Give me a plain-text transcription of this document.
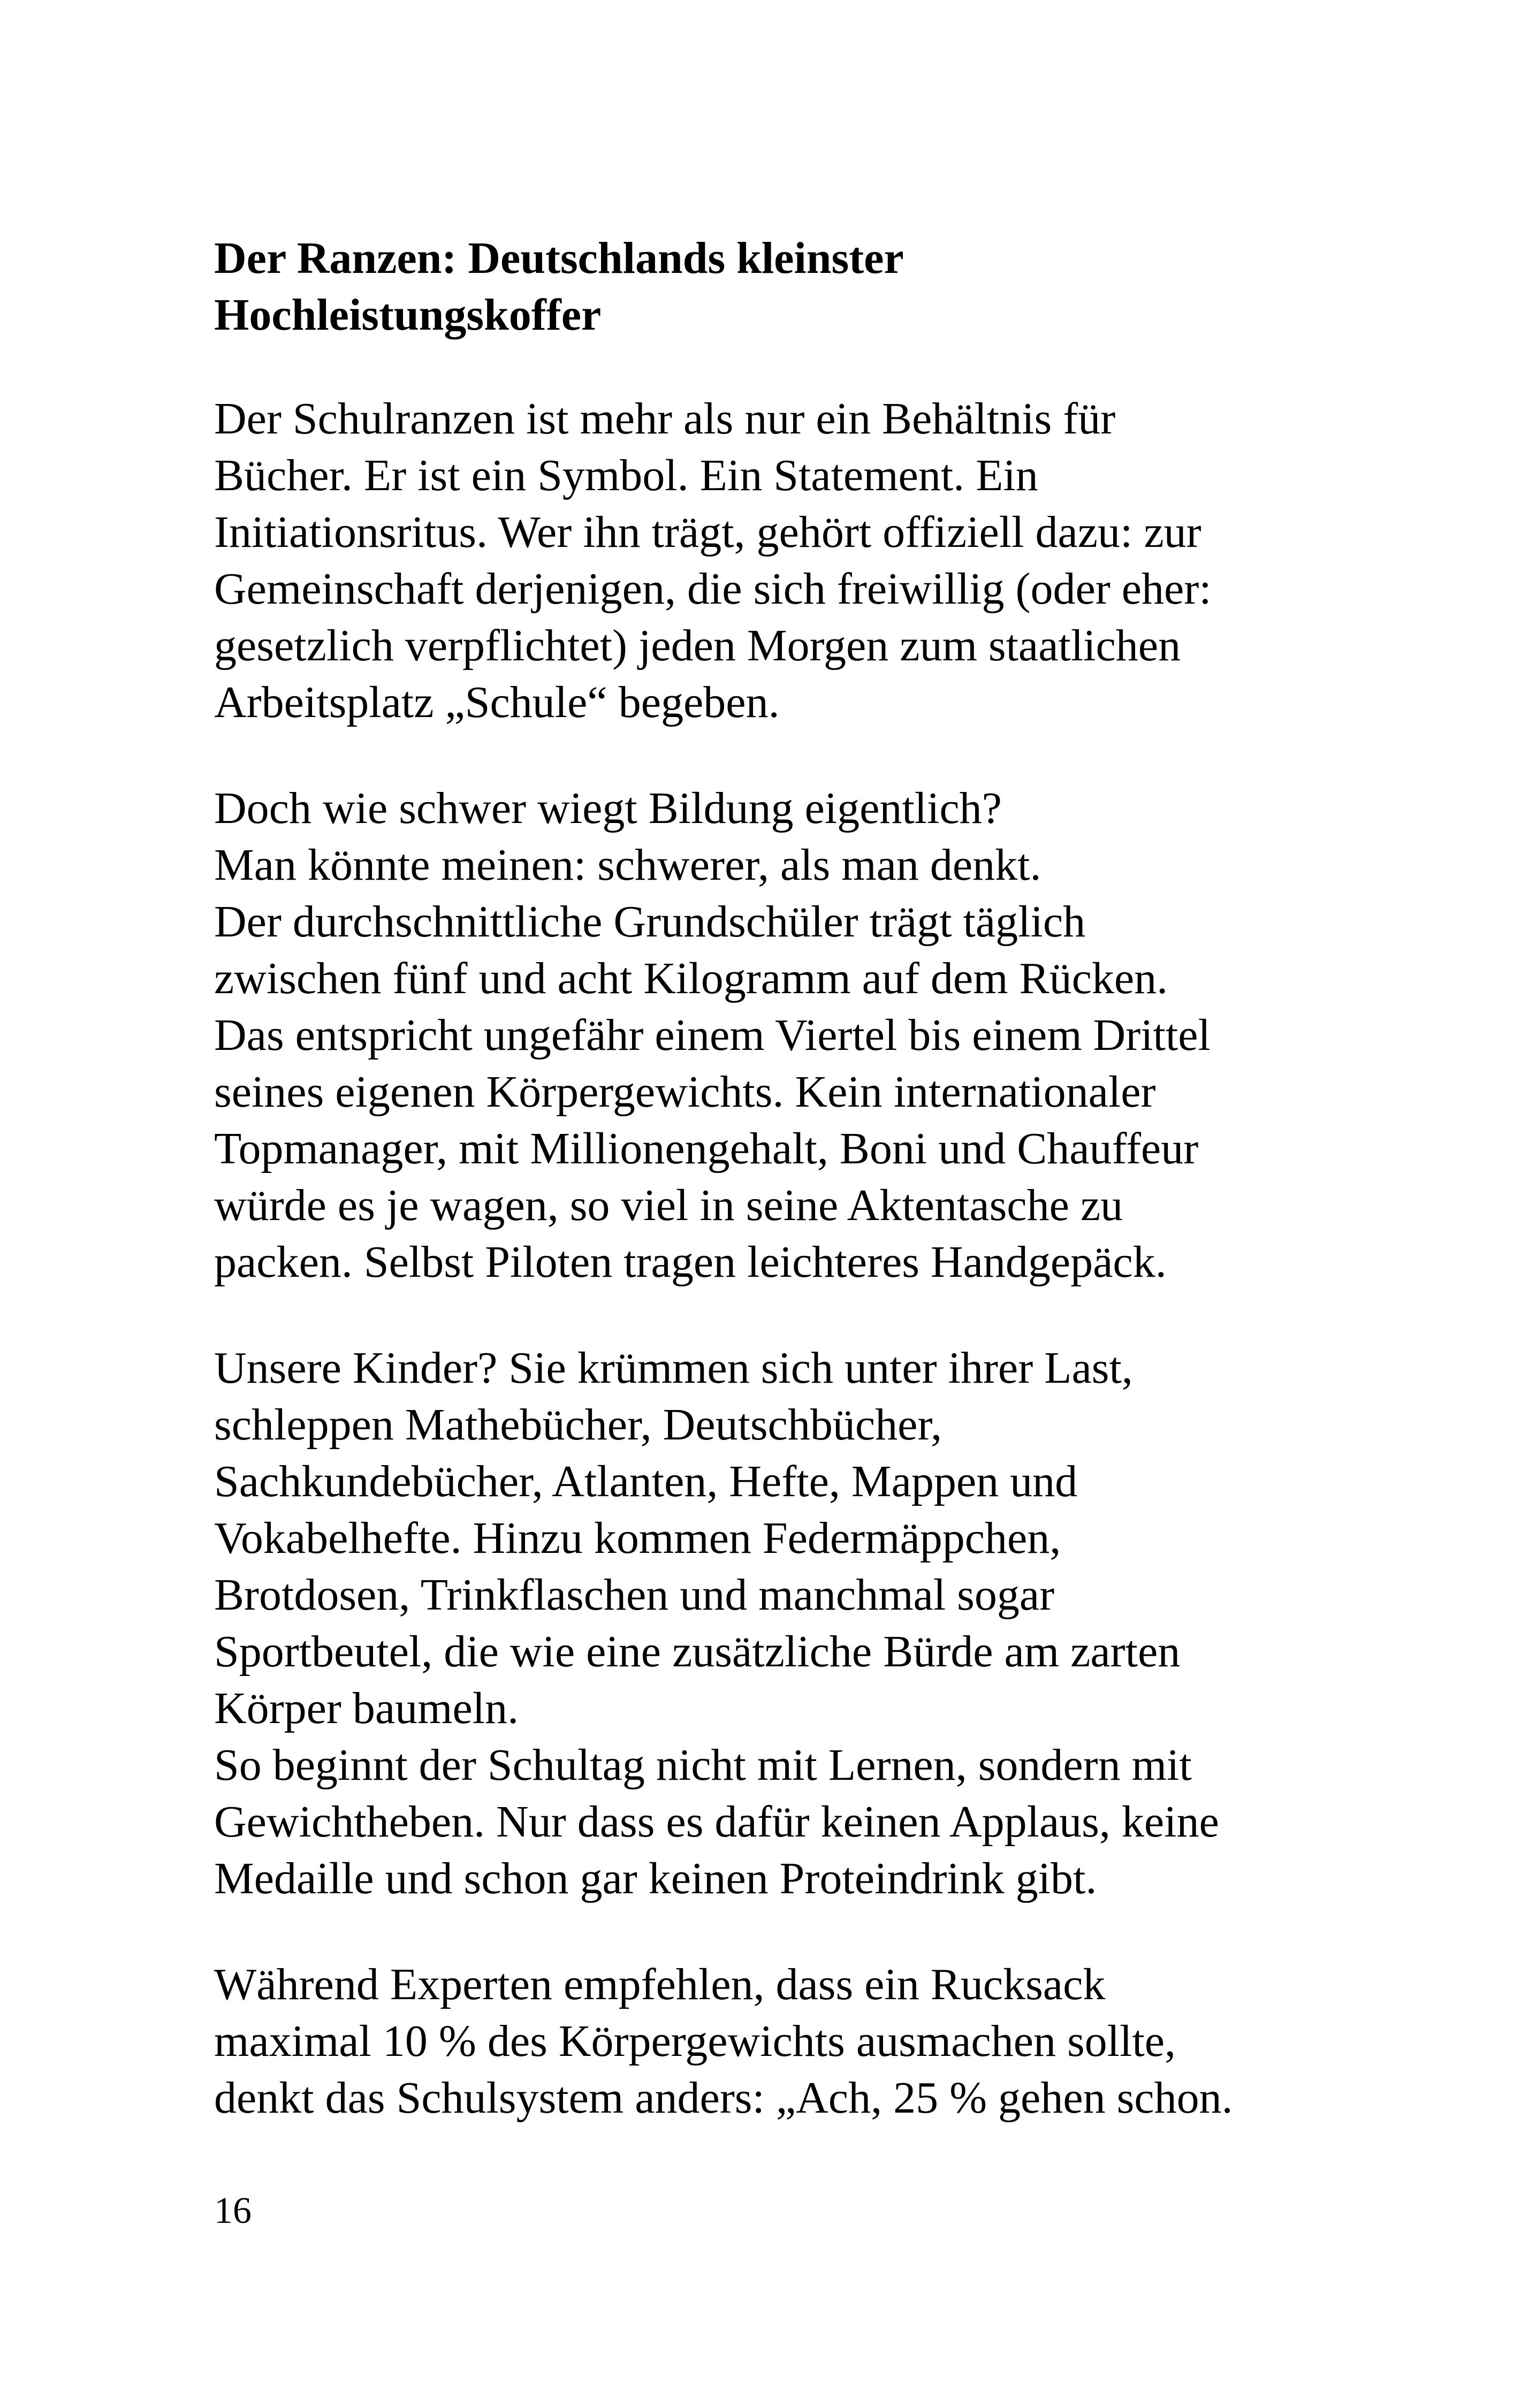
Der Ranzen: Deutschlands kleinster
Hochleistungskoffer

Der Schulranzen ist mehr als nur ein Behältnis für
Bücher. Er ist ein Symbol. Ein Statement. Ein
Initiationsritus. Wer ihn trägt, gehört offiziell dazu: zur
Gemeinschaft derjenigen, die sich freiwillig (oder eher:
gesetzlich verpflichtet) jeden Morgen zum staatlichen
Arbeitsplatz „Schule“ begeben.

Doch wie schwer wiegt Bildung eigentlich?
Man könnte meinen: schwerer, als man denkt.
Der durchschnittliche Grundschüler trägt täglich
zwischen fünf und acht Kilogramm auf dem Rücken.
Das entspricht ungefähr einem Viertel bis einem Drittel
seines eigenen Körpergewichts. Kein internationaler
Topmanager, mit Millionengehalt, Boni und Chauffeur
würde es je wagen, so viel in seine Aktentasche zu
packen. Selbst Piloten tragen leichteres Handgepäck.

Unsere Kinder? Sie krümmen sich unter ihrer Last,
schleppen Mathebücher, Deutschbücher,
Sachkundebücher, Atlanten, Hefte, Mappen und
Vokabelhefte. Hinzu kommen Federmäppchen,
Brotdosen, Trinkflaschen und manchmal sogar
Sportbeutel, die wie eine zusätzliche Bürde am zarten
Körper baumeln.
So beginnt der Schultag nicht mit Lernen, sondern mit
Gewichtheben. Nur dass es dafür keinen Applaus, keine
Medaille und schon gar keinen Proteindrink gibt.

Während Experten empfehlen, dass ein Rucksack
maximal 10 % des Körpergewichts ausmachen sollte,
denkt das Schulsystem anders: „Ach, 25 % gehen schon.

16
